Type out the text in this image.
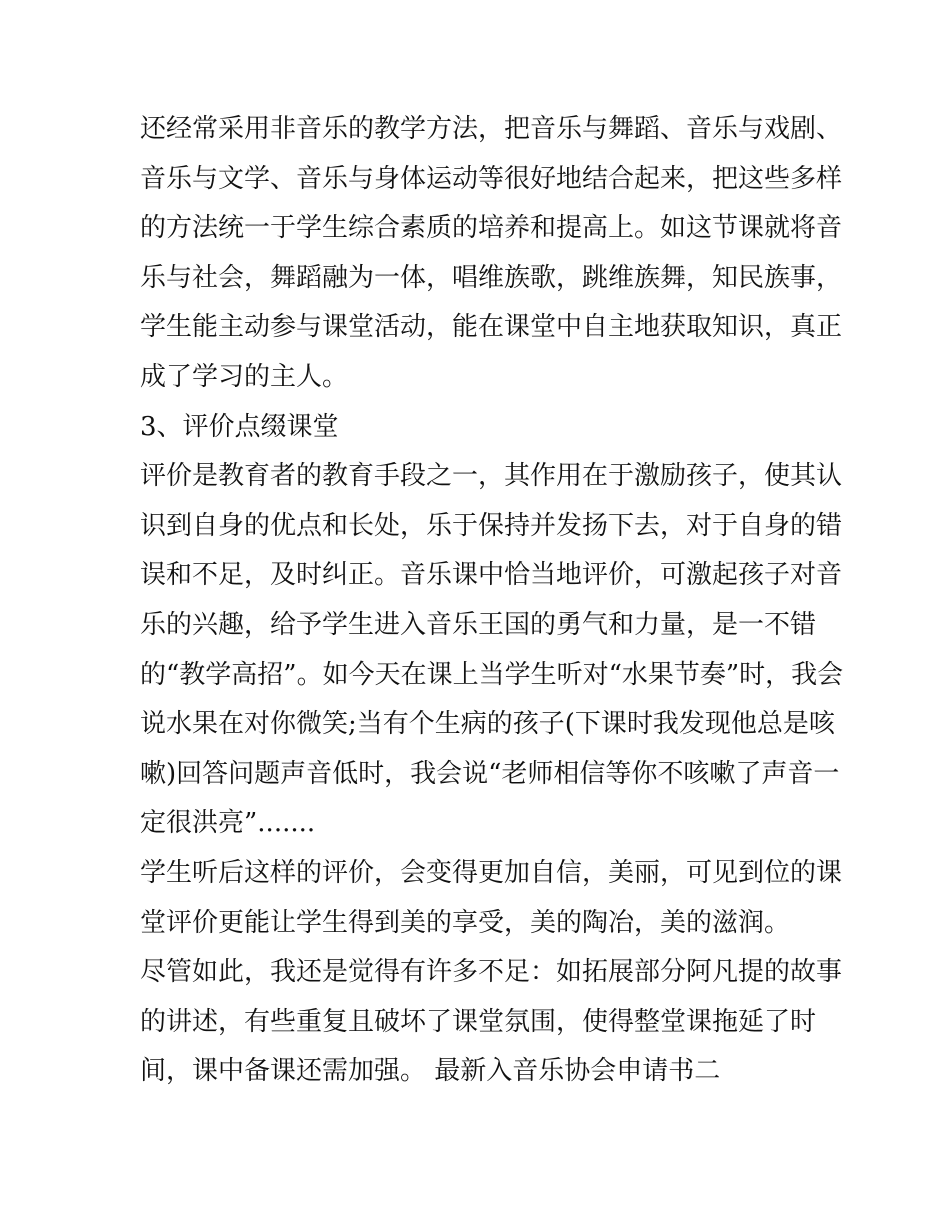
还经常采用非音乐的教学方法，把音乐与舞蹈、音乐与戏剧、
音乐与文学、音乐与身体运动等很好地结合起来，把这些多样
的方法统一于学生综合素质的培养和提高上。如这节课就将音
乐与社会，舞蹈融为一体，唱维族歌，跳维族舞，知民族事，
学生能主动参与课堂活动，能在课堂中自主地获取知识，真正
成了学习的主人。
3、评价点缀课堂
评价是教育者的教育手段之一，其作用在于激励孩子，使其认
识到自身的优点和长处，乐于保持并发扬下去，对于自身的错
误和不足，及时纠正。音乐课中恰当地评价，可激起孩子对音
乐的兴趣，给予学生进入音乐王国的勇气和力量，是一不错
的“教学高招”。如今天在课上当学生听对“水果节奏”时，我会
说水果在对你微笑;当有个生病的孩子(下课时我发现他总是咳
嗽)回答问题声音低时，我会说“老师相信等你不咳嗽了声音一
定很洪亮”.......
学生听后这样的评价，会变得更加自信，美丽，可见到位的课
堂评价更能让学生得到美的享受，美的陶冶，美的滋润。
尽管如此，我还是觉得有许多不足：如拓展部分阿凡提的故事
的讲述，有些重复且破坏了课堂氛围，使得整堂课拖延了时
间，课中备课还需加强。 最新入音乐协会申请书二
